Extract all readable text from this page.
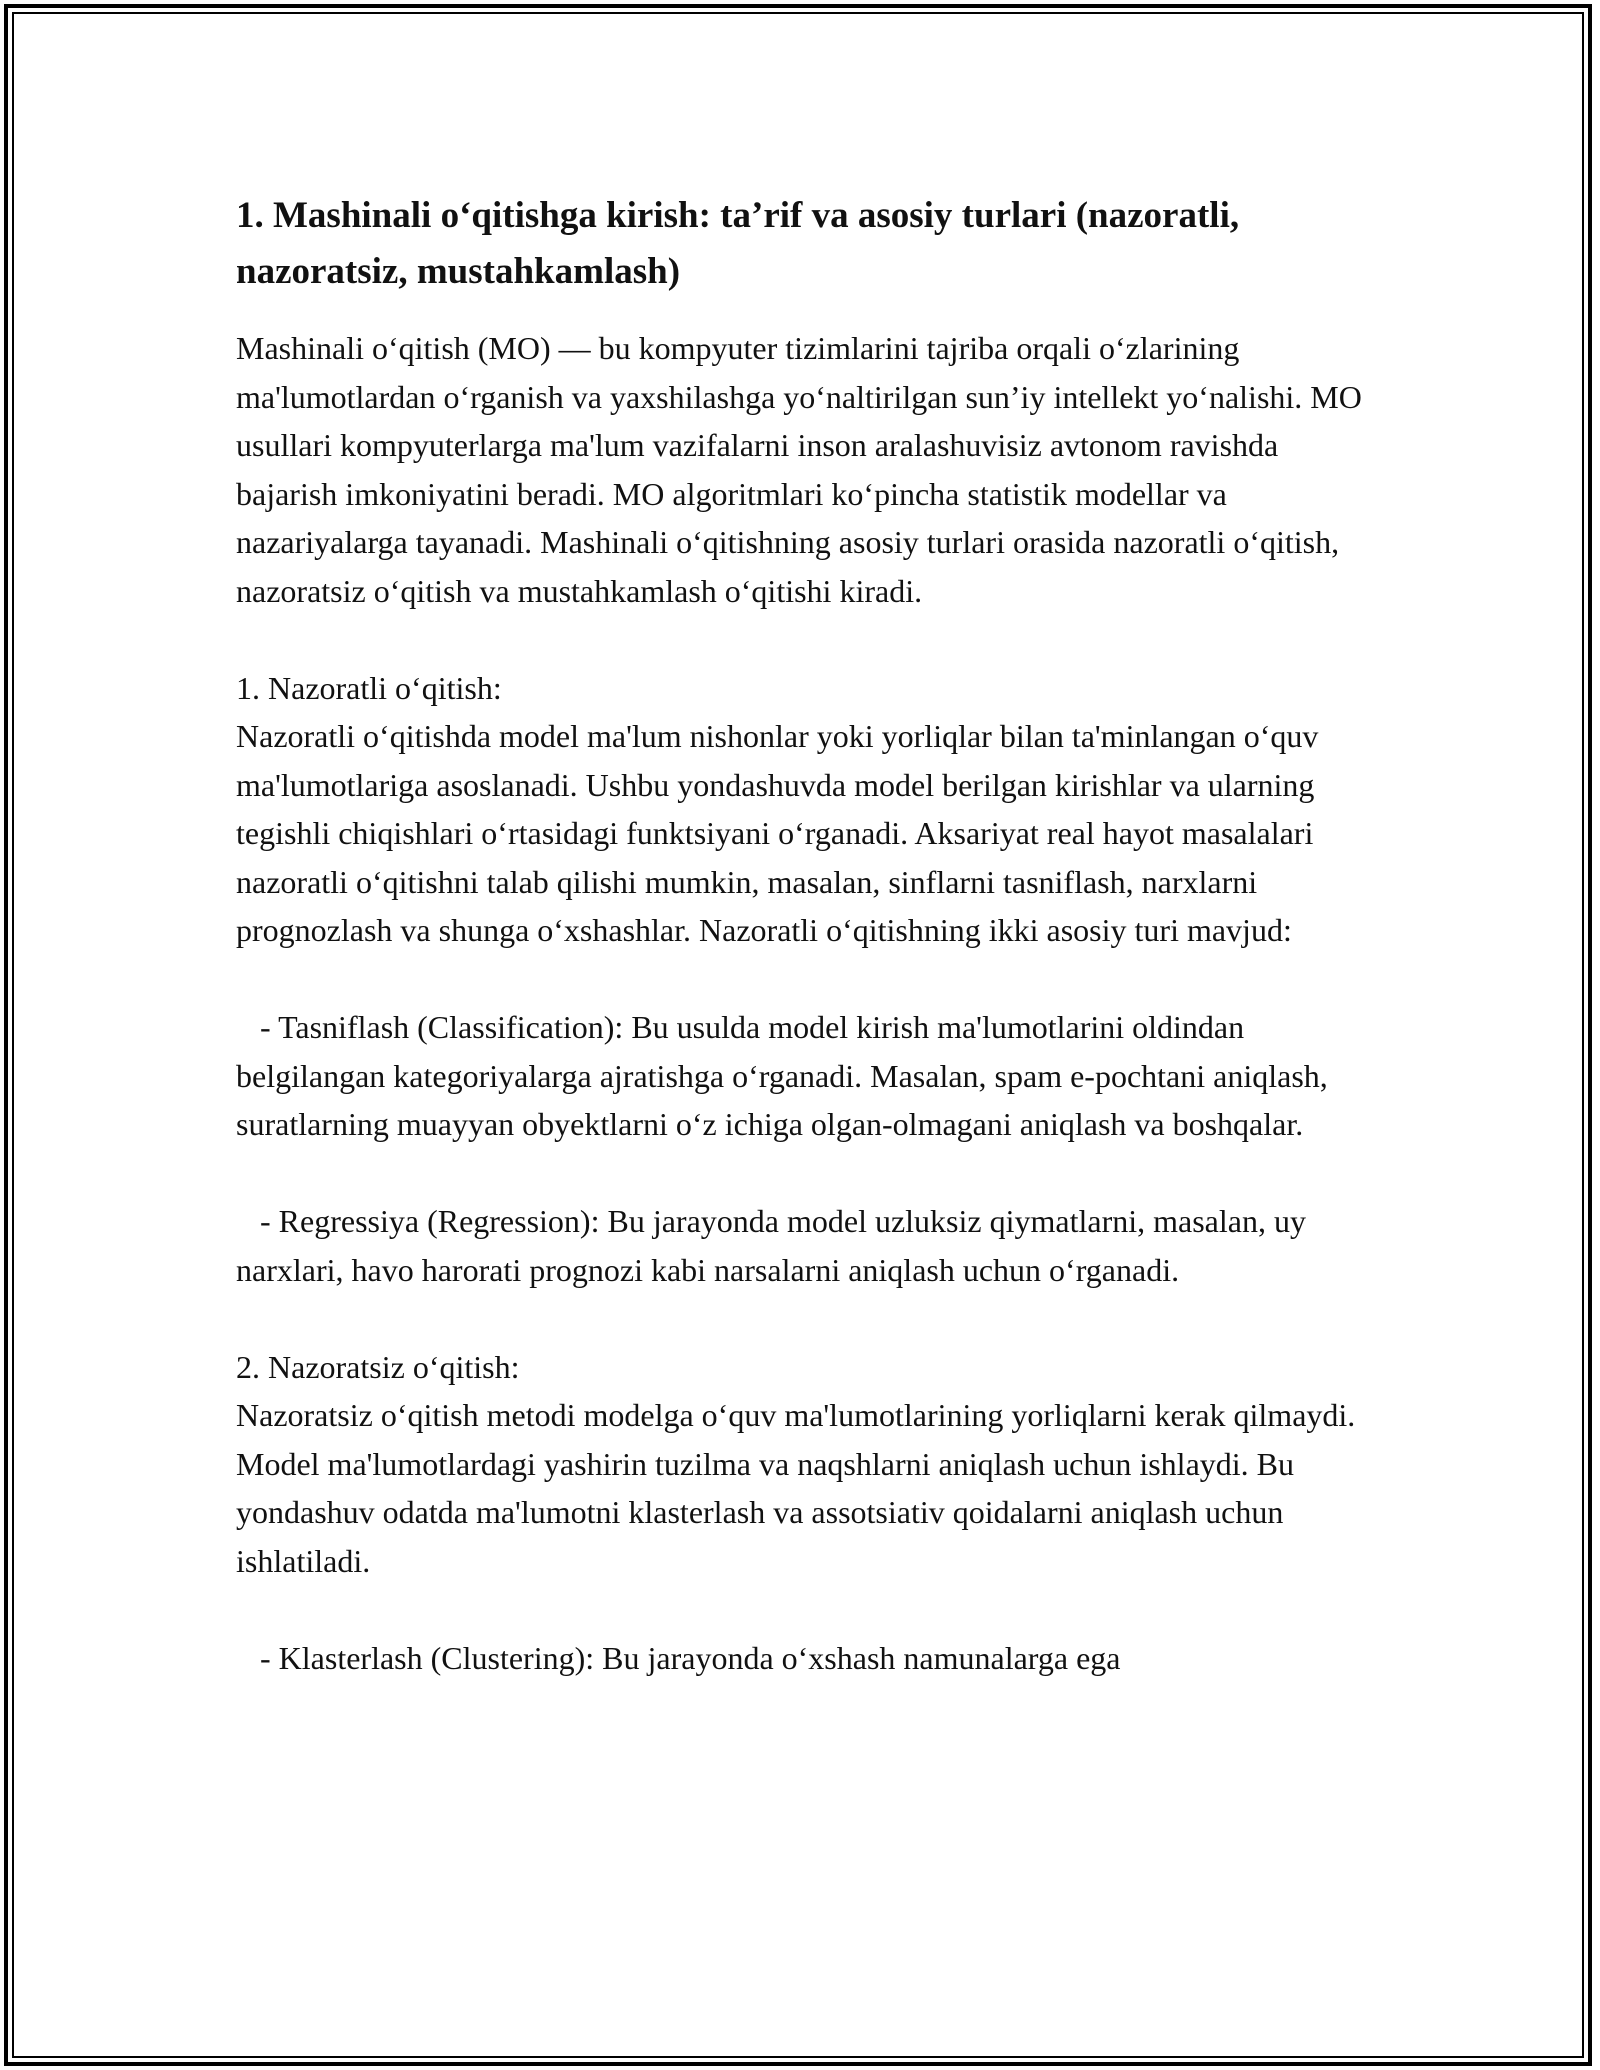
1. Mashinali o‘qitishga kirish: ta’rif va asosiy turlari (nazoratli, nazoratsiz, mustahkamlash)

Mashinali o‘qitish (MO) — bu kompyuter tizimlarini tajriba orqali o‘zlarining ma'lumotlardan o‘rganish va yaxshilashga yo‘naltirilgan sun’iy intellekt yo‘nalishi. MO usullari kompyuterlarga ma'lum vazifalarni inson aralashuvisiz avtonom ravishda bajarish imkoniyatini beradi. MO algoritmlari ko‘pincha statistik modellar va nazariyalarga tayanadi. Mashinali o‘qitishning asosiy turlari orasida nazoratli o‘qitish, nazoratsiz o‘qitish va mustahkamlash o‘qitishi kiradi.

1. Nazoratli o‘qitish:

Nazoratli o‘qitishda model ma'lum nishonlar yoki yorliqlar bilan ta'minlangan o‘quv ma'lumotlariga asoslanadi. Ushbu yondashuvda model berilgan kirishlar va ularning tegishli chiqishlari o‘rtasidagi funktsiyani o‘rganadi. Aksariyat real hayot masalalari nazoratli o‘qitishni talab qilishi mumkin, masalan, sinflarni tasniflash, narxlarni prognozlash va shunga o‘xshashlar. Nazoratli o‘qitishning ikki asosiy turi mavjud:

- Tasniflash (Classification): Bu usulda model kirish ma'lumotlarini oldindan belgilangan kategoriyalarga ajratishga o‘rganadi. Masalan, spam e-pochtani aniqlash, suratlarning muayyan obyektlarni o‘z ichiga olgan-olmagani aniqlash va boshqalar.

- Regressiya (Regression): Bu jarayonda model uzluksiz qiymatlarni, masalan, uy narxlari, havo harorati prognozi kabi narsalarni aniqlash uchun o‘rganadi.

2. Nazoratsiz o‘qitish:

Nazoratsiz o‘qitish metodi modelga o‘quv ma'lumotlarining yorliqlarni kerak qilmaydi. Model ma'lumotlardagi yashirin tuzilma va naqshlarni aniqlash uchun ishlaydi. Bu yondashuv odatda ma'lumotni klasterlash va assotsiativ qoidalarni aniqlash uchun ishlatiladi.

- Klasterlash (Clustering): Bu jarayonda o‘xshash namunalarga ega
